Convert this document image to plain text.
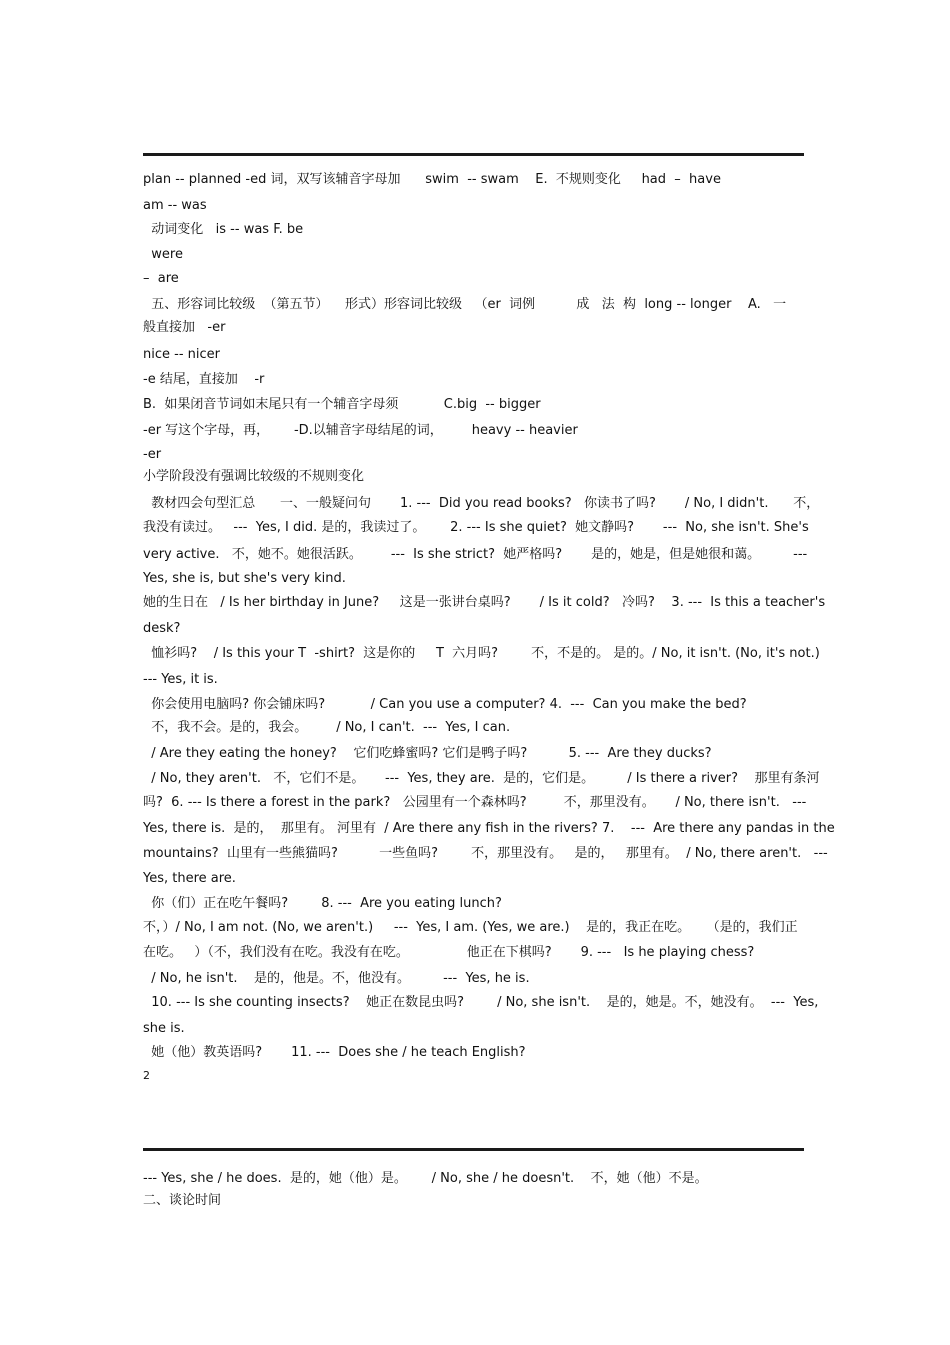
plan -- planned -ed 词，双写该辅音字母加      swim  -- swam    E.  不规则变化     had  –  have
am -- was
动词变化   is -- was F. be
were
–  are
五、形容词比较级  （第五节）    形式）形容词比较级   （er  词例          成   法  构  long -- longer    A.   一
般直接加   -er
nice -- nicer
-e 结尾，直接加    -r
B.  如果闭音节词如末尾只有一个辅音字母须           C.big  -- bigger
-er 写这个字母，再，      -D.以辅音字母结尾的词，       heavy -- heavier
-er
小学阶段没有强调比较级的不规则变化
教材四会句型汇总      一、一般疑问句       1. ---  Did you read books?   你读书了吗?       / No, I didn't.      不，
我没有读过。   ---  Yes, I did. 是的，我读过了。      2. --- Is she quiet?  她文静吗?       ---  No, she isn't. She's
very active.   不，她不。她很活跃。       ---  Is she strict?  她严格吗?       是的，她是，但是她很和蔼。        ---
Yes, she is, but she's very kind.
她的生日在   / Is her birthday in June?     这是一张讲台桌吗?       / Is it cold?   冷吗?    3. ---  Is this a teacher's
desk?
恤衫吗?    / Is this your T  -shirt?  这是你的     T  六月吗?        不，不是的。 是的。/ No, it isn't. (No, it's not.)
--- Yes, it is.
你会使用电脑吗? 你会铺床吗?           / Can you use a computer? 4.  ---  Can you make the bed?
不，我不会。是的，我会。       / No, I can't.  ---  Yes, I can.
/ Are they eating the honey?    它们吃蜂蜜吗? 它们是鸭子吗?          5. ---  Are they ducks?
/ No, they aren't.   不，它们不是。     ---  Yes, they are.  是的，它们是。        / Is there a river?    那里有条河
吗?  6. --- Is there a forest in the park?   公园里有一个森林吗?         不，那里没有。     / No, there isn't.   ---
Yes, there is.  是的，  那里有。 河里有  / Are there any fish in the rivers? 7.    ---  Are there any pandas in the
mountains?  山里有一些熊猫吗?          一些鱼吗?        不，那里没有。   是的，   那里有。  / No, there aren't.   ---
Yes, there are.
你（们）正在吃午餐吗?        8. ---  Are you eating lunch?
不，）/ No, I am not. (No, we aren't.)     ---  Yes, I am. (Yes, we are.)    是的，我正在吃。    （是的，我们正
在吃。   ）（不，我们没有在吃。我没有在吃。              他正在下棋吗?       9. ---   Is he playing chess?
/ No, he isn't.    是的，他是。不，他没有。        ---  Yes, he is.
10. --- Is she counting insects?    她正在数昆虫吗?        / No, she isn't.    是的，她是。不，她没有。  ---  Yes,
she is.
她（他）教英语吗?       11. ---  Does she / he teach English?
2
--- Yes, she / he does.  是的，她（他）是。      / No, she / he doesn't.    不，她（他）不是。
二、谈论时间
